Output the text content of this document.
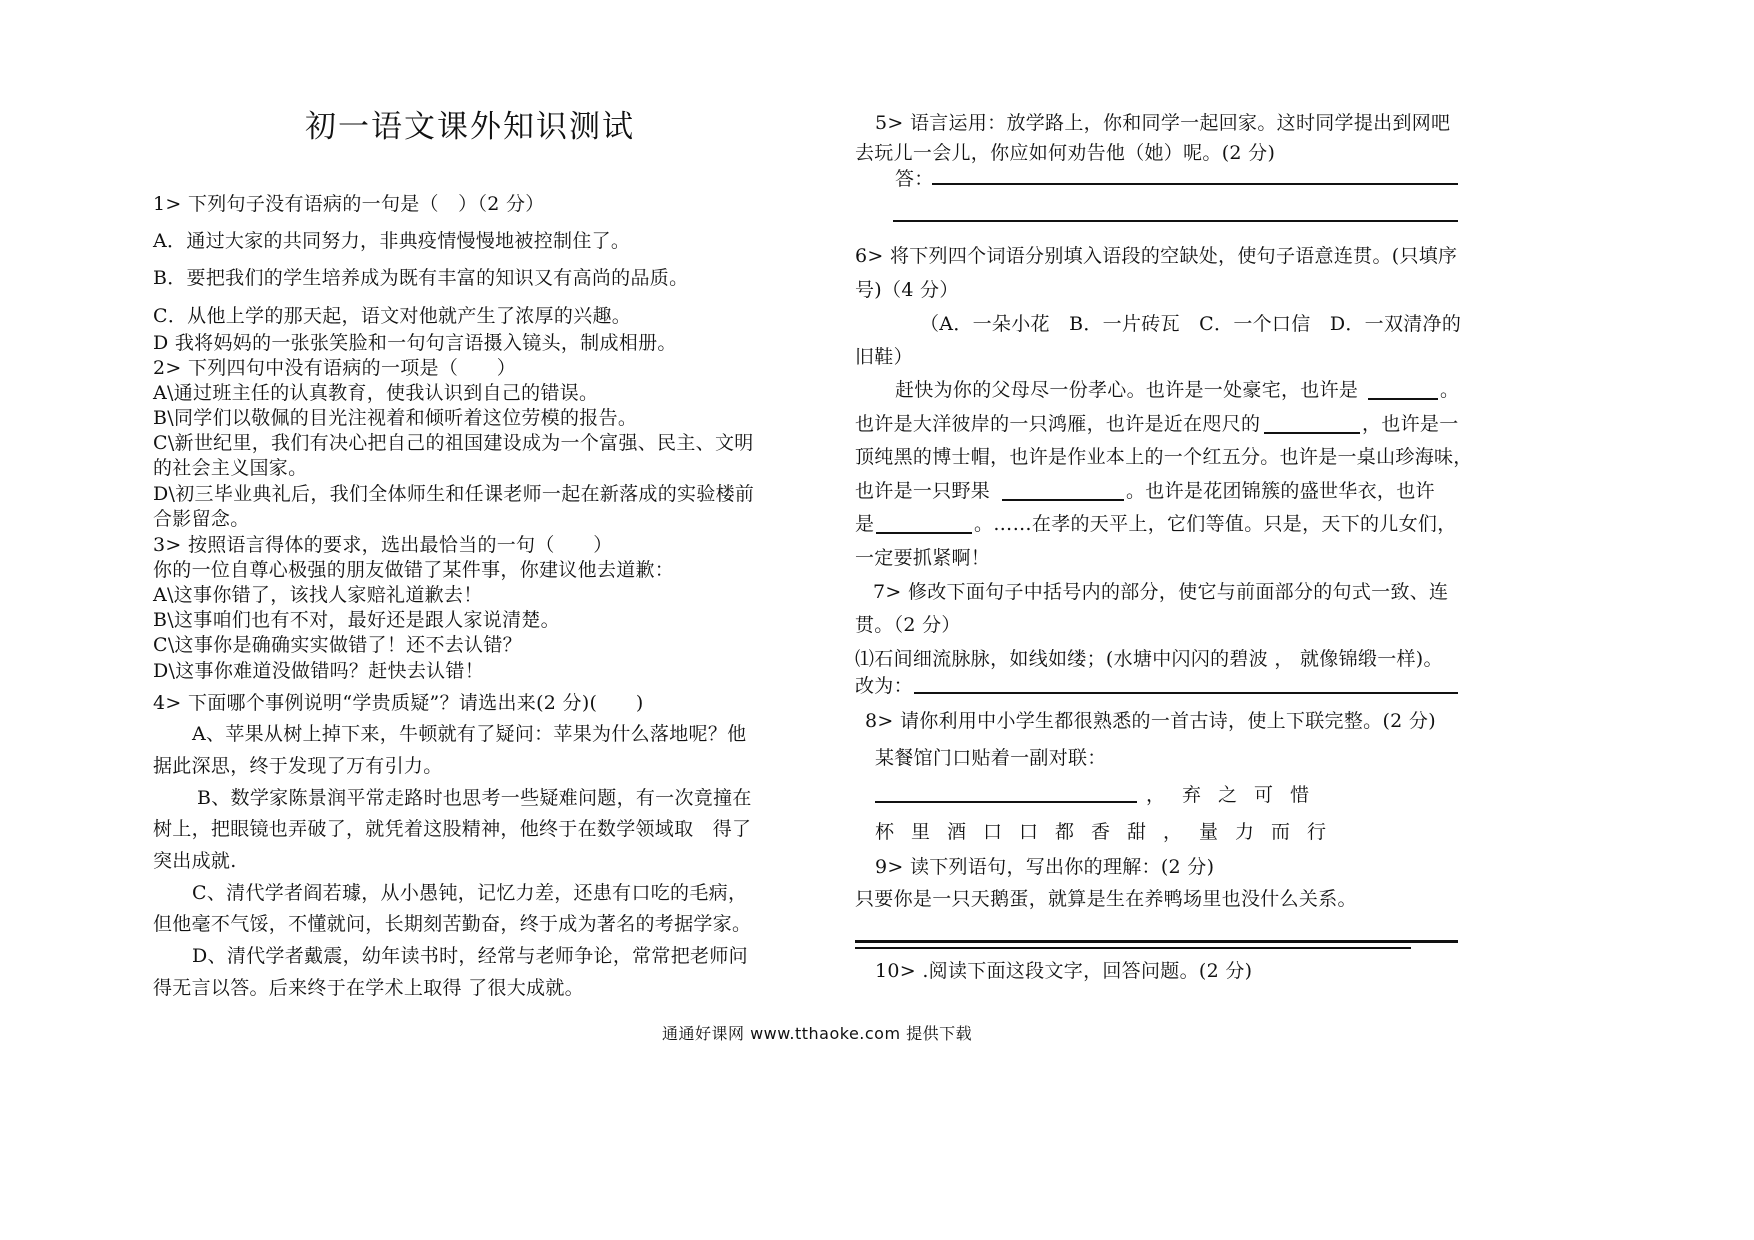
初一语文课外知识测试
1> 下列句子没有语病的一句是（　）（2 分）
A．通过大家的共同努力，非典疫情慢慢地被控制住了。
B．要把我们的学生培养成为既有丰富的知识又有高尚的品质。
C．从他上学的那天起，语文对他就产生了浓厚的兴趣。
D 我将妈妈的一张张笑脸和一句句言语摄入镜头，制成相册。
2> 下列四句中没有语病的一项是（　　）
A\通过班主任的认真教育，使我认识到自己的错误。
B\同学们以敬佩的目光注视着和倾听着这位劳模的报告。
C\新世纪里，我们有决心把自己的祖国建设成为一个富强、民主、文明
的社会主义国家。
D\初三毕业典礼后，我们全体师生和任课老师一起在新落成的实验楼前
合影留念。
3> 按照语言得体的要求，选出最恰当的一句（　　）
你的一位自尊心极强的朋友做错了某件事，你建议他去道歉：
A\这事你错了，该找人家赔礼道歉去！
B\这事咱们也有不对，最好还是跟人家说清楚。
C\这事你是确确实实做错了！还不去认错？
D\这事你难道没做错吗？赶快去认错！
4> 下面哪个事例说明“学贵质疑”？请选出来(2 分)(　　)
A、苹果从树上掉下来，牛顿就有了疑问：苹果为什么落地呢？他
据此深思，终于发现了万有引力。
B、数学家陈景润平常走路时也思考一些疑难问题，有一次竟撞在
树上，把眼镜也弄破了，就凭着这股精神，他终于在数学领域取　得了
突出成就.
C、清代学者阎若璩，从小愚钝，记忆力差，还患有口吃的毛病，
但他毫不气馁，不懂就问，长期刻苦勤奋，终于成为著名的考据学家。
D、清代学者戴震，幼年读书时，经常与老师争论，常常把老师问
得无言以答。后来终于在学术上取得 了很大成就。
5> 语言运用：放学路上，你和同学一起回家。这时同学提出到网吧
去玩儿一会儿，你应如何劝告他（她）呢。(2 分)
答：
6> 将下列四个词语分别填入语段的空缺处，使句子语意连贯。(只填序
号)（4 分）
（A．一朵小花　B．一片砖瓦　C．一个口信　D．一双清净的
旧鞋）
赶快为你的父母尽一份孝心。也许是一处豪宅，也许是	。
也许是大洋彼岸的一只鸿雁，也许是近在咫尺的	，也许是一
顶纯黑的博士帽，也许是作业本上的一个红五分。也许是一桌山珍海味，
也许是一只野果	。也许是花团锦簇的盛世华衣，也许
是	。……在孝的天平上，它们等值。只是，天下的儿女们，
一定要抓紧啊！
7> 修改下面句子中括号内的部分，使它与前面部分的句式一致、连
贯。（2 分）
⑴石间细流脉脉，如线如缕；(水塘中闪闪的碧波 ， 就像锦缎一样)。
改为：
8> 请你利用中小学生都很熟悉的一首古诗，使上下联完整。(2 分)
某餐馆门口贴着一副对联：
，弃之可惜
杯里酒口口都香甜，量力而行
9> 读下列语句，写出你的理解：(2 分)
只要你是一只天鹅蛋，就算是生在养鸭场里也没什么关系。
10> .阅读下面这段文字，回答问题。(2 分)
通通好课网 www.tthaoke.com 提供下载
